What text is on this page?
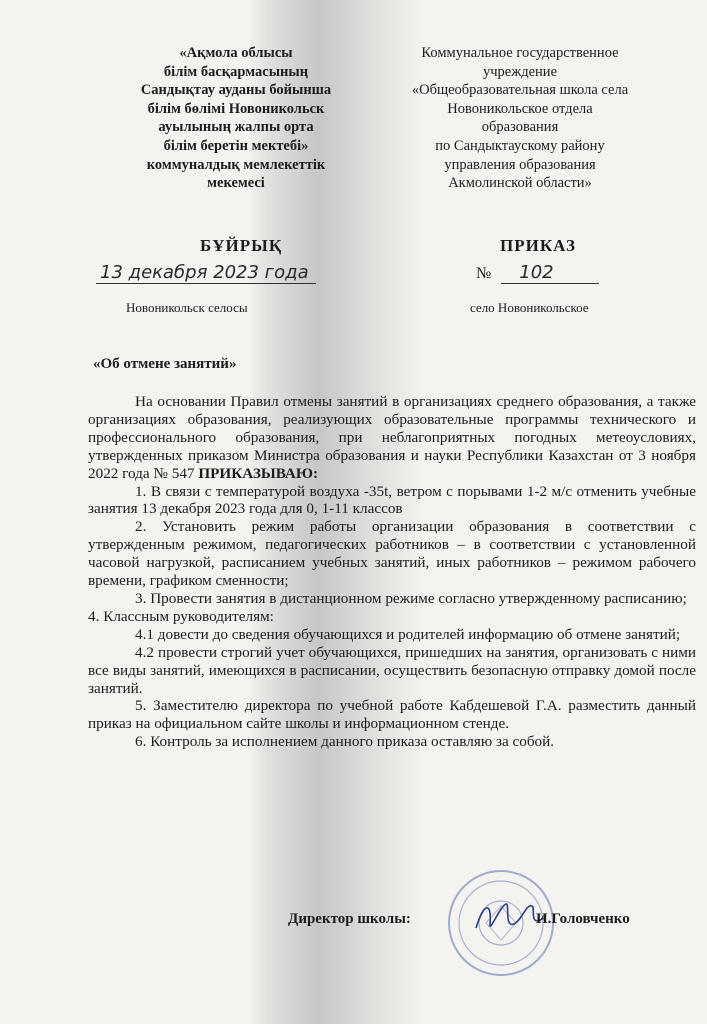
«Ақмола облысы
білім басқармасының
Сандықтау ауданы бойынша
білім бөлімі Новоникольск
ауылының жалпы орта
білім беретін мектебі»
коммуналдық мемлекеттік
мекемесі
Коммунальное государственное
учреждение
«Общеобразовательная школа села
Новоникольское отдела
образования
по Сандыктаускому району
управления образования
Акмолинской области»
БҰЙРЫҚ	ПРИКАЗ
13 декабря 2023 года
Новоникольск селосы
№ 102
село Новоникольское
«Об отмене занятий»

На основании Правил отмены занятий в организациях среднего образования, а также организациях образования, реализующих образовательные программы технического и профессионального образования, при неблагоприятных погодных метеоусловиях, утвержденных приказом Министра образования и науки Республики Казахстан от 3 ноября 2022 года № 547 ПРИКАЗЫВАЮ:

1. В связи с температурой воздуха -35t, ветром с порывами 1-2 м/с отменить учебные занятия 13 декабря 2023 года для 0, 1-11 классов

2. Установить режим работы организации образования в соответствии с утвержденным режимом, педагогических работников – в соответствии с установленной часовой нагрузкой, расписанием учебных занятий, иных работников – режимом рабочего времени, графиком сменности;

3. Провести занятия в дистанционном режиме согласно утвержденному расписанию;

4. Классным руководителям:

4.1 довести до сведения обучающихся и родителей информацию об отмене занятий;

4.2 провести строгий учет обучающихся, пришедших на занятия, организовать с ними все виды занятий, имеющихся в расписании, осуществить безопасную отправку домой после занятий.

5. Заместителю директора по учебной работе Кабдешевой Г.А. разместить данный приказ на официальном сайте школы и информационном стенде.

6. Контроль за исполнением данного приказа оставляю за собой.

Директор школы:	И.Головченко
